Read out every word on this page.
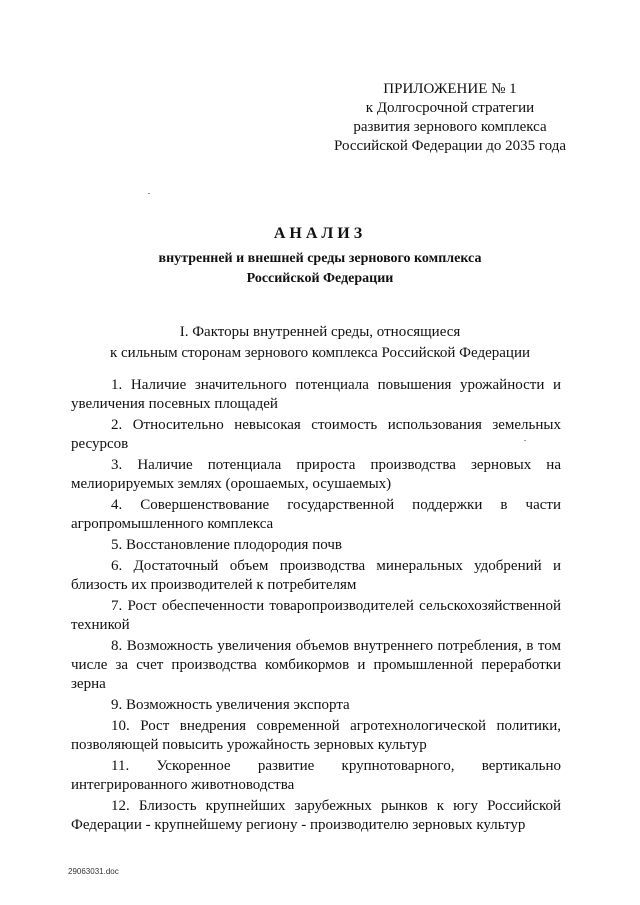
ПРИЛОЖЕНИЕ № 1
к Долгосрочной стратегии
развития зернового комплекса
Российской Федерации до 2035 года
АНАЛИЗ
внутренней и внешней среды зернового комплекса
Российской Федерации
I. Факторы внутренней среды, относящиеся
к сильным сторонам зернового комплекса Российской Федерации
1. Наличие значительного потенциала повышения урожайности и увеличения посевных площадей
2. Относительно невысокая стоимость использования земельных ресурсов
3. Наличие потенциала прироста производства зерновых на мелиорируемых землях (орошаемых, осушаемых)
4. Совершенствование государственной поддержки в части агропромышленного комплекса
5. Восстановление плодородия почв
6. Достаточный объем производства минеральных удобрений и близость их производителей к потребителям
7. Рост обеспеченности товаропроизводителей сельскохозяйственной техникой
8. Возможность увеличения объемов внутреннего потребления, в том числе за счет производства комбикормов и промышленной переработки зерна
9. Возможность увеличения экспорта
10. Рост внедрения современной агротехнологической политики, позволяющей повысить урожайность зерновых культур
11. Ускоренное развитие крупнотоварного, вертикально интегрированного животноводства
12. Близость крупнейших зарубежных рынков к югу Российской Федерации - крупнейшему региону - производителю зерновых культур
29063031.doc
